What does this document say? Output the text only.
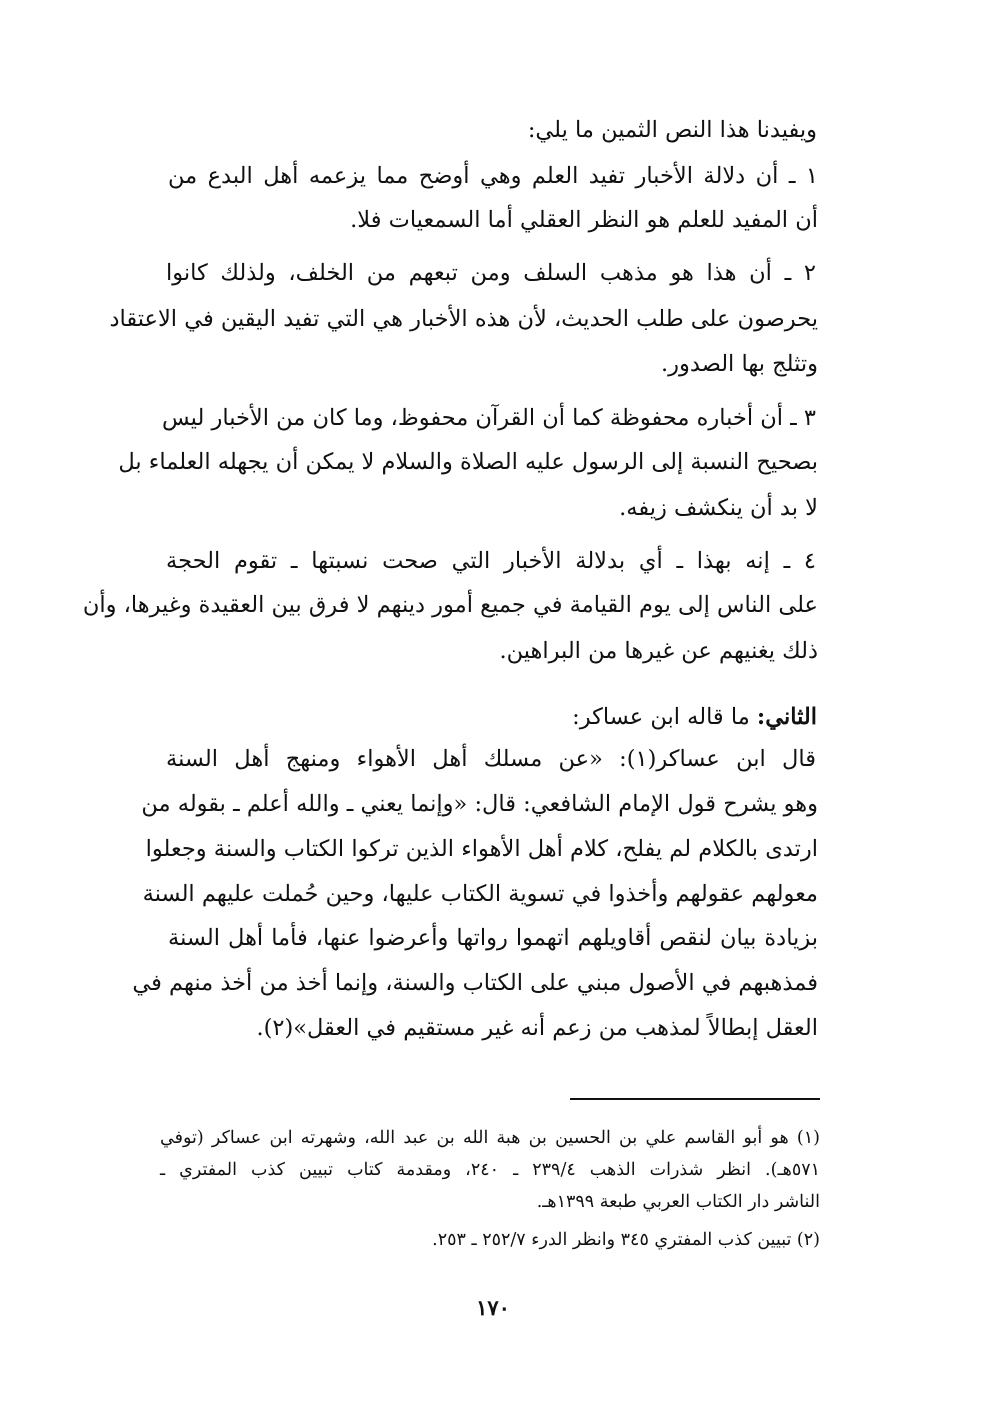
ويفيدنا هذا النص الثمين ما يلي:
١ ـ أن دلالة الأخبار تفيد العلم وهي أوضح مما يزعمه أهل البدع من
أن المفيد للعلم هو النظر العقلي أما السمعيات فلا.
٢ ـ أن هذا هو مذهب السلف ومن تبعهم من الخلف، ولذلك كانوا
يحرصون على طلب الحديث، لأن هذه الأخبار هي التي تفيد اليقين في الاعتقاد
وتثلج بها الصدور.
٣ ـ أن أخباره محفوظة كما أن القرآن محفوظ، وما كان من الأخبار ليس
بصحيح النسبة إلى الرسول عليه الصلاة والسلام لا يمكن أن يجهله العلماء بل
لا بد أن ينكشف زيفه.
٤ ـ إنه بهذا ـ أي بدلالة الأخبار التي صحت نسبتها ـ تقوم الحجة
على الناس إلى يوم القيامة في جميع أمور دينهم لا فرق بين العقيدة وغيرها، وأن
ذلك يغنيهم عن غيرها من البراهين.
الثاني: ما قاله ابن عساكر:
قال ابن عساكر(١): «عن مسلك أهل الأهواء ومنهج أهل السنة
وهو يشرح قول الإمام الشافعي: قال: «وإنما يعني ـ والله أعلم ـ بقوله من
ارتدى بالكلام لم يفلح، كلام أهل الأهواء الذين تركوا الكتاب والسنة وجعلوا
معولهم عقولهم وأخذوا في تسوية الكتاب عليها، وحين حُملت عليهم السنة
بزيادة بيان لنقص أقاويلهم اتهموا رواتها وأعرضوا عنها، فأما أهل السنة
فمذهبهم في الأصول مبني على الكتاب والسنة، وإنما أخذ من أخذ منهم في
العقل إبطالاً لمذهب من زعم أنه غير مستقيم في العقل»(٢).
(١) هو أبو القاسم علي بن الحسين بن هبة الله بن عبد الله، وشهرته ابن عساكر (توفي
٥٧١هـ). انظر شذرات الذهب ٢٣٩/٤ ـ ٢٤٠، ومقدمة كتاب تبيين كذب المفتري ـ
الناشر دار الكتاب العربي طبعة ١٣٩٩هـ.
(٢) تبيين كذب المفتري ٣٤٥ وانظر الدرء ٢٥٢/٧ ـ ٢٥٣.
١٧٠
